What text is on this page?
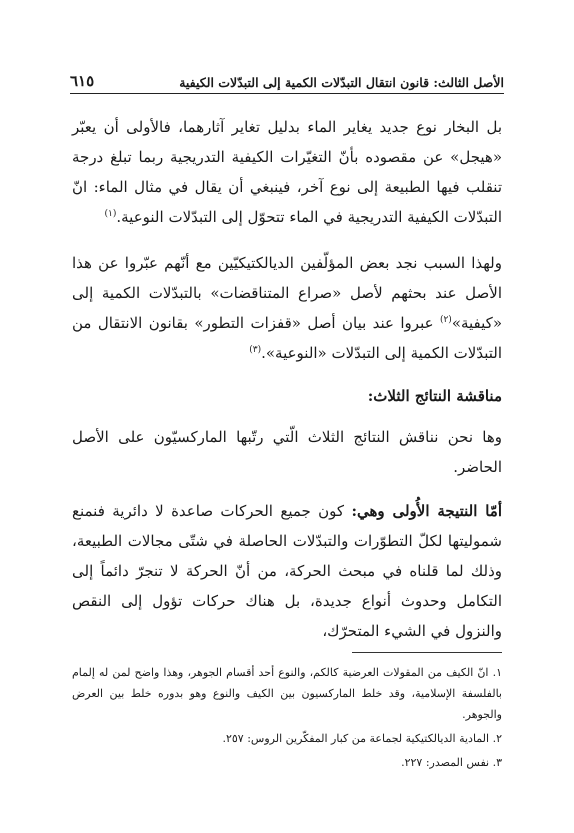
الأصل الثالث: قانون انتقال التبدّلات الكمية إلى التبدّلات الكيفية
٦١٥

بل البخار نوع جديد يغاير الماء بدليل تغاير آثارهما، فالأولى أن يعبّر «هيجل» عن مقصوده بأنّ التغيّرات الكيفية التدريجية ربما تبلغ درجة تنقلب فيها الطبيعة إلى نوع آخر، فينبغي أن يقال في مثال الماء: انّ التبدّلات الكيفية التدريجية في الماء تتحوّل إلى التبدّلات النوعية.$^{(١)}$

ولهذا السبب نجد بعض المؤلّفين الديالكتيكيّين مع أنّهم عبّروا عن هذا الأصل عند بحثهم لأصل «صراع المتناقضات» بالتبدّلات الكمية إلى «كيفية»$^{(٢)}$ عبروا عند بيان أصل «قفزات التطور» بقانون الانتقال من التبدّلات الكمية إلى التبدّلات «النوعية».$^{(٣)}$

مناقشة النتائج الثلاث:

وها نحن نناقش النتائج الثلاث الّتي رتّبها الماركسيّون على الأصل الحاضر.

أمّا النتيجة الأُولى وهي: كون جميع الحركات صاعدة لا دائرية فنمنع شموليتها لكلّ التطوّرات والتبدّلات الحاصلة في شتّى مجالات الطبيعة، وذلك لما قلناه في مبحث الحركة، من أنّ الحركة لا تنجرّ دائماً إلى التكامل وحدوث أنواع جديدة، بل هناك حركات تؤول إلى النقص والنزول في الشيء المتحرّك،

١. انّ الكيف من المقولات العرضية كالكم، والنوع أحد أقسام الجوهر، وهذا واضح لمن له إلمام بالفلسفة الإسلامية، وقد خلط الماركسيون بين الكيف والنوع وهو بدوره خلط بين العرض والجوهر.

٢. المادية الديالكتيكية لجماعة من كبار المفكّرين الروس: ٢٥٧.

٣. نفس المصدر: ٢٢٧.
